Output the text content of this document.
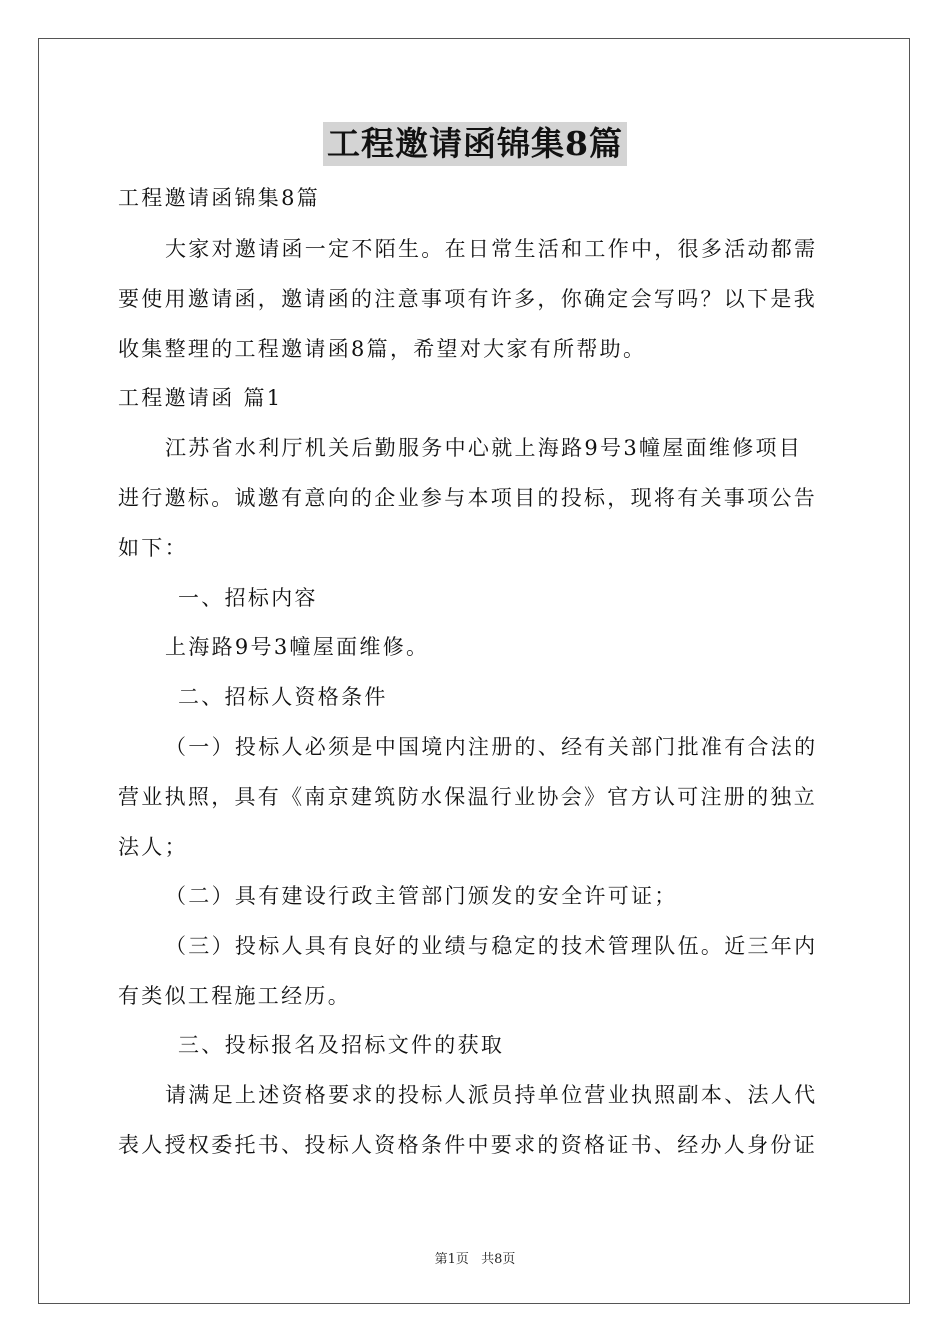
工程邀请函锦集8篇
工程邀请函锦集8篇
大家对邀请函一定不陌生。在日常生活和工作中，很多活动都需
要使用邀请函，邀请函的注意事项有许多，你确定会写吗？以下是我
收集整理的工程邀请函8篇，希望对大家有所帮助。
工程邀请函 篇1
江苏省水利厅机关后勤服务中心就上海路9号3幢屋面维修项目
进行邀标。诚邀有意向的企业参与本项目的投标，现将有关事项公告
如下：
一、招标内容
上海路9号3幢屋面维修。
二、招标人资格条件
（一）投标人必须是中国境内注册的、经有关部门批准有合法的
营业执照，具有《南京建筑防水保温行业协会》官方认可注册的独立
法人；
（二）具有建设行政主管部门颁发的安全许可证；
（三）投标人具有良好的业绩与稳定的技术管理队伍。近三年内
有类似工程施工经历。
三、投标报名及招标文件的获取
请满足上述资格要求的投标人派员持单位营业执照副本、法人代
表人授权委托书、投标人资格条件中要求的资格证书、经办人身份证
第1页 共8页
